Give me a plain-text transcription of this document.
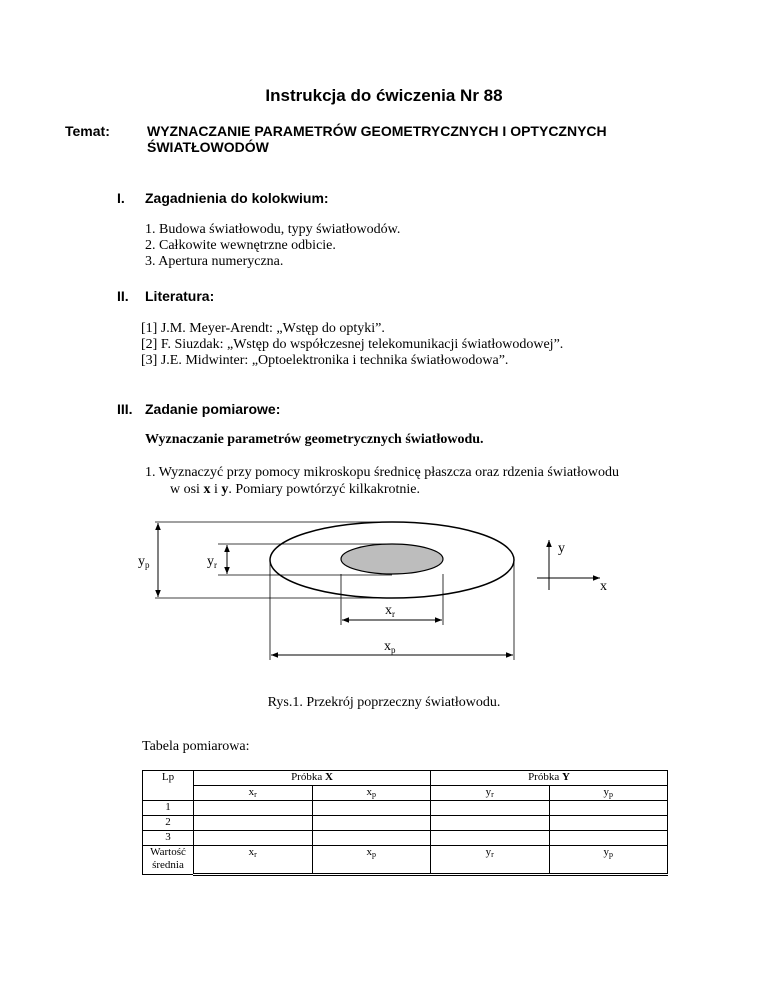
Instrukcja do ćwiczenia Nr 88
Temat:	WYZNACZANIE PARAMETRÓW GEOMETRYCZNYCH I OPTYCZNYCH ŚWIATŁOWODÓW
I. Zagadnienia do kolokwium:
1. Budowa światłowodu, typy światłowodów.
2. Całkowite wewnętrzne odbicie.
3. Apertura numeryczna.
II. Literatura:
[1] J.M. Meyer-Arendt: „Wstęp do optyki”.
[2] F. Siuzdak: „Wstęp do współczesnej telekomunikacji światłowodowej”.
[3] J.E. Midwinter: „Optoelektronika i technika światłowodowa”.
III. Zadanie pomiarowe:
Wyznaczanie parametrów geometrycznych światłowodu.
1. Wyznaczyć przy pomocy mikroskopu średnicę płaszcza oraz rdzenia światłowodu
w osi x i y. Pomiary powtórzyć kilkakrotnie.
y
x
$y_p$	$y_r$
$x_r$
$x_p$
Rys.1. Przekrój poprzeczny światłowodu.
Tabela pomiarowa:
Lp	Próbka X		Próbka Y	
	$x_r$	$x_p$	$y_r$	$y_p$
1				
2				
3				
Wartość
średnia	$x_r$	$x_p$	$y_r$	$y_p$
